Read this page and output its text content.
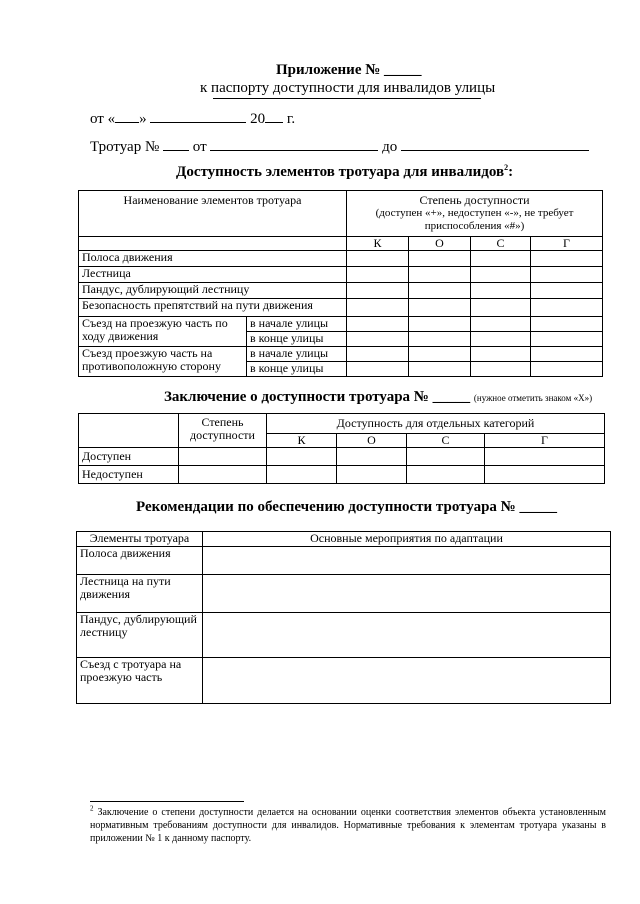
Приложение № _____
к паспорту доступности для инвалидов улицы
от « »	20 г.
Тротуар № от	до
Доступность элементов тротуара для инвалидов$^2$:
Наименование элементов тротуара		Степень доступности
(доступен «+», недоступен «-», не требует приспособления «#»)			

		К	О	С	Г
Полоса движения					
Лестница					
Пандус, дублирующий лестницу					
Безопасность препятствий на пути движения					
Съезд на проезжую часть по ходу движения	в начале улицы				
	в конце улицы				
Съезд проезжую часть на противоположную сторону	в начале улицы				
	в конце улицы				
Заключение о доступности тротуара № _____ (нужное отметить знаком «Х»)
	Степень доступности	Доступность для отдельных категорий			
		К	О	С	Г
Доступен					
Недоступен					
Рекомендации по обеспечению доступности тротуара № _____
Элементы тротуара	Основные мероприятия по адаптации
Полоса движения	
Лестница на пути движения	
Пандус, дублирующий лестницу	
Съезд с тротуара на проезжую часть	
$^2$ Заключение о степени доступности делается на основании оценки соответствия элементов объекта установленным нормативным требованиям доступности для инвалидов. Нормативные требования к элементам тротуара указаны в приложении № 1 к данному паспорту.
